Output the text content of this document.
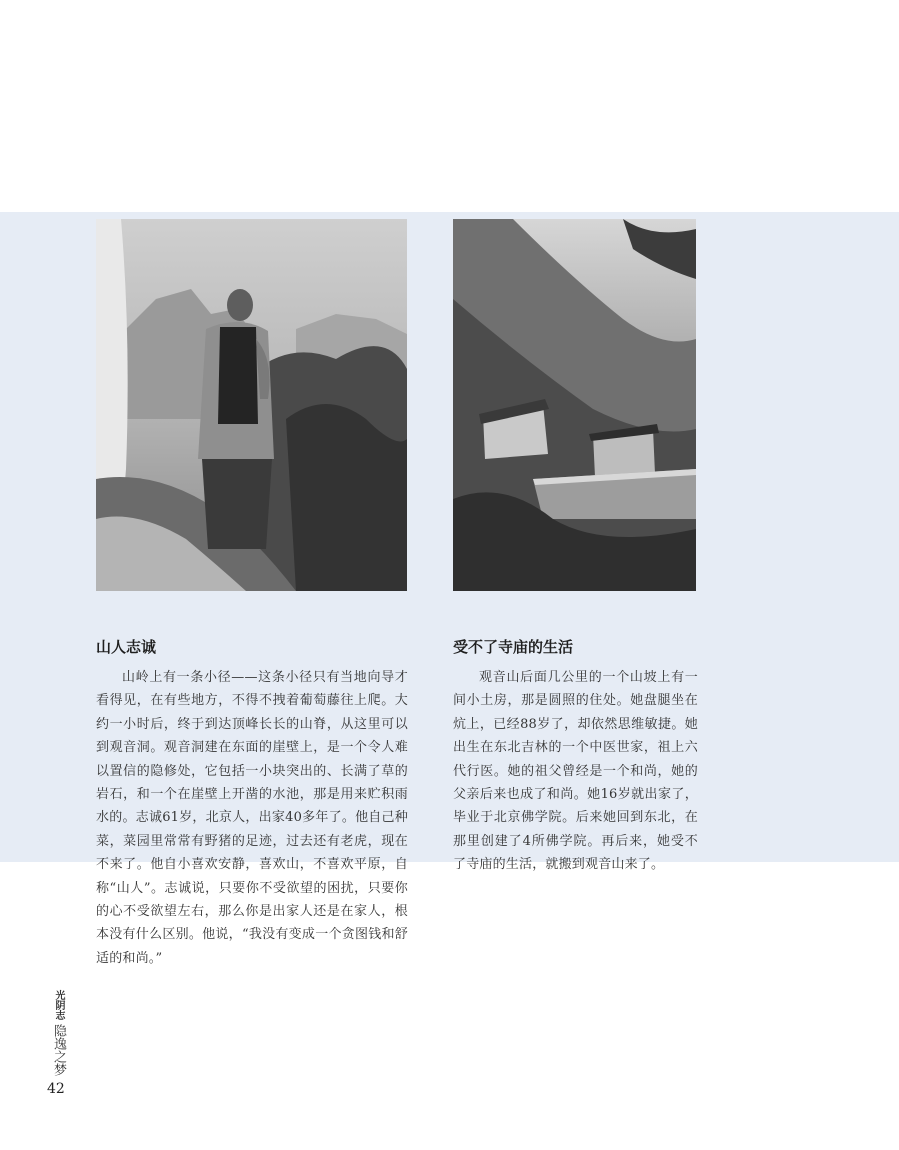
山人志诚

山岭上有一条小径——这条小径只有当地向导才看得见，在有些地方，不得不拽着葡萄藤往上爬。大约一小时后，终于到达顶峰长长的山脊，从这里可以到观音洞。观音洞建在东面的崖壁上，是一个令人难以置信的隐修处，它包括一小块突出的、长满了草的岩石，和一个在崖壁上开凿的水池，那是用来贮积雨水的。志诚61岁，北京人，出家40多年了。他自己种菜，菜园里常常有野猪的足迹，过去还有老虎，现在不来了。他自小喜欢安静，喜欢山，不喜欢平原，自称“山人”。志诚说，只要你不受欲望的困扰，只要你的心不受欲望左右，那么你是出家人还是在家人，根本没有什么区别。他说，“我没有变成一个贪图钱和舒适的和尚。”

受不了寺庙的生活

观音山后面几公里的一个山坡上有一间小土房，那是圆照的住处。她盘腿坐在炕上，已经88岁了，却依然思维敏捷。她出生在东北吉林的一个中医世家，祖上六代行医。她的祖父曾经是一个和尚，她的父亲后来也成了和尚。她16岁就出家了，毕业于北京佛学院。后来她回到东北，在那里创建了4所佛学院。再后来，她受不了寺庙的生活，就搬到观音山来了。

光阴志 隐逸之梦
42
